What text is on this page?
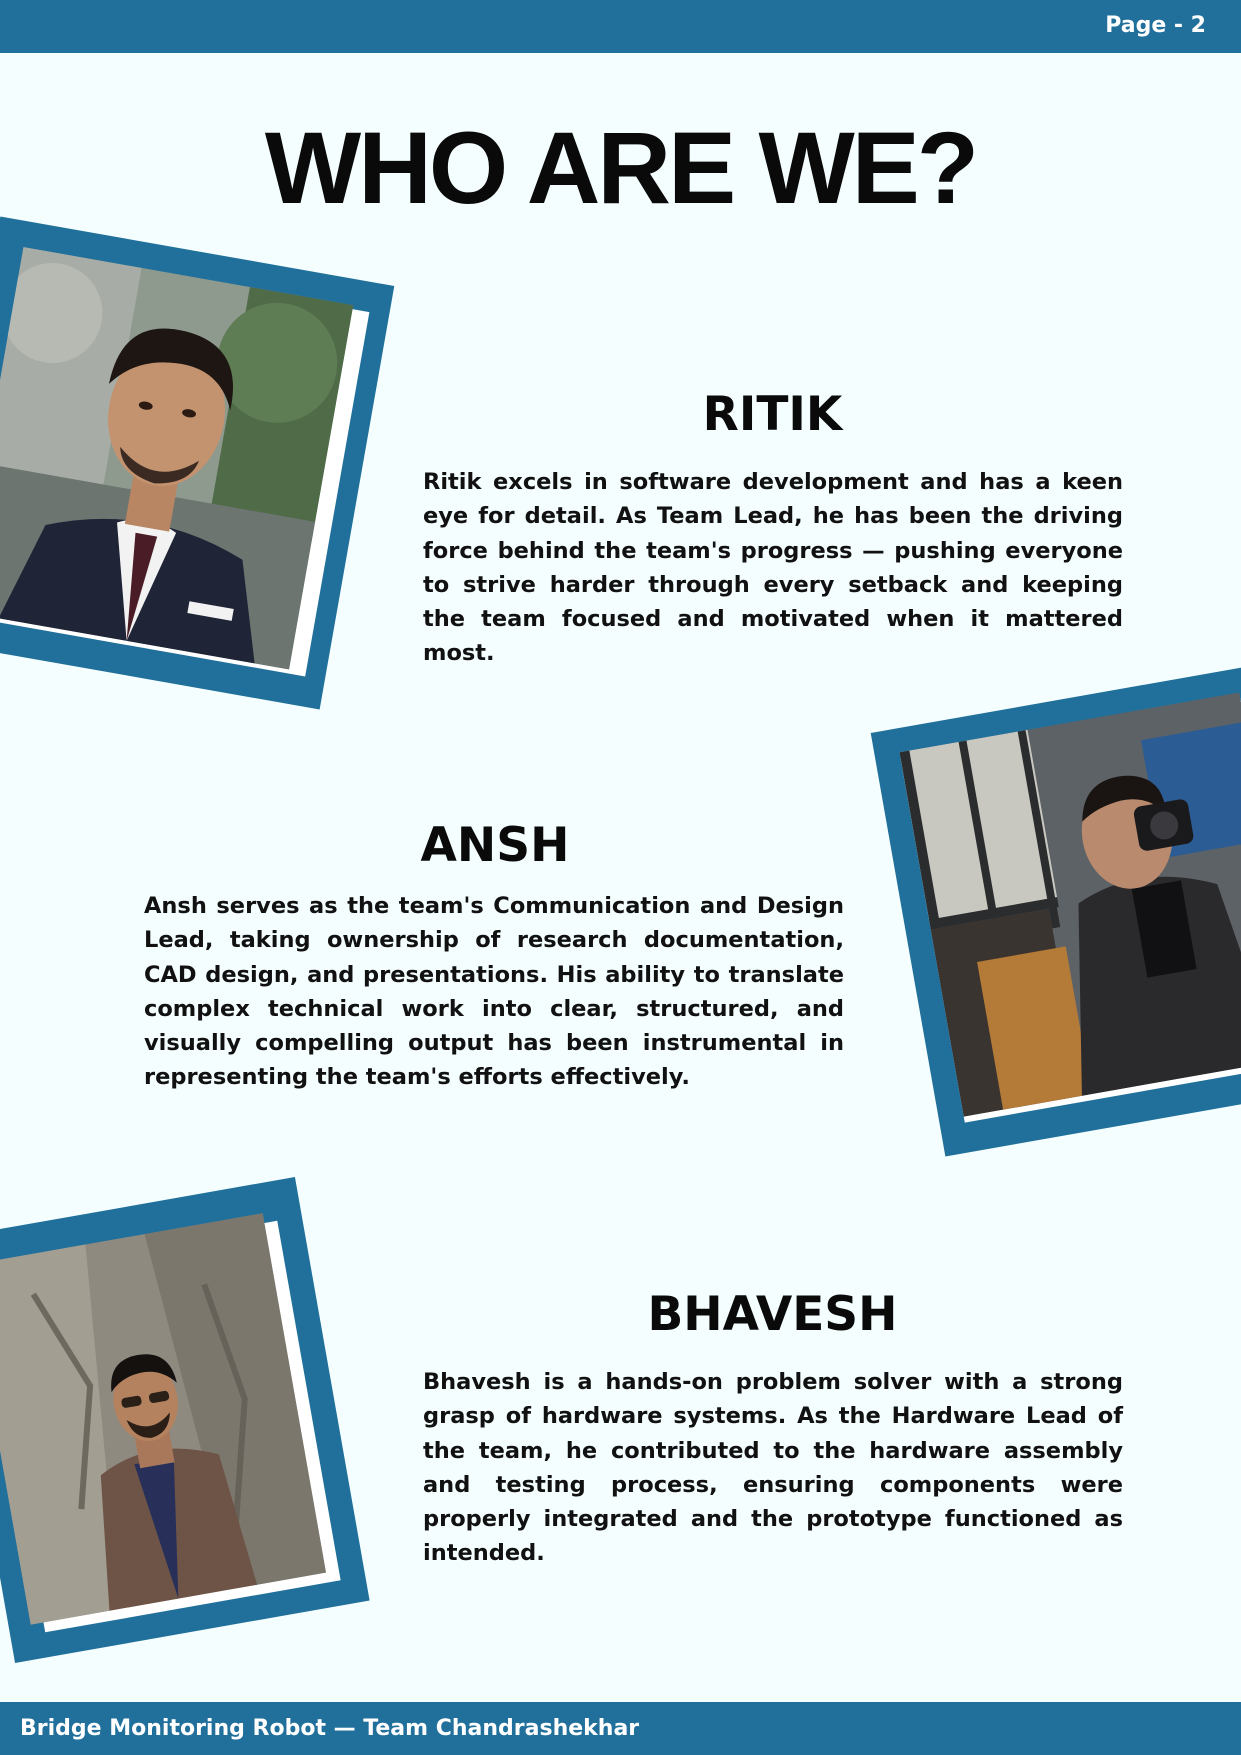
Page - 2
WHO ARE WE?
RITIK

Ritik excels in software development and has a keen eye for detail. As Team Lead, he has been the driving force behind the team's progress — pushing everyone to strive harder through every setback and keeping the team focused and motivated when it mattered most.

ANSH

Ansh serves as the team's Communication and Design Lead, taking ownership of research documentation, CAD design, and presentations. His ability to translate complex technical work into clear, structured, and visually compelling output has been instrumental in representing the team's efforts effectively.

BHAVESH

Bhavesh is a hands-on problem solver with a strong grasp of hardware systems. As the Hardware Lead of the team, he contributed to the hardware assembly and testing process, ensuring components were properly integrated and the prototype functioned as intended.

Bridge Monitoring Robot — Team Chandrashekhar
